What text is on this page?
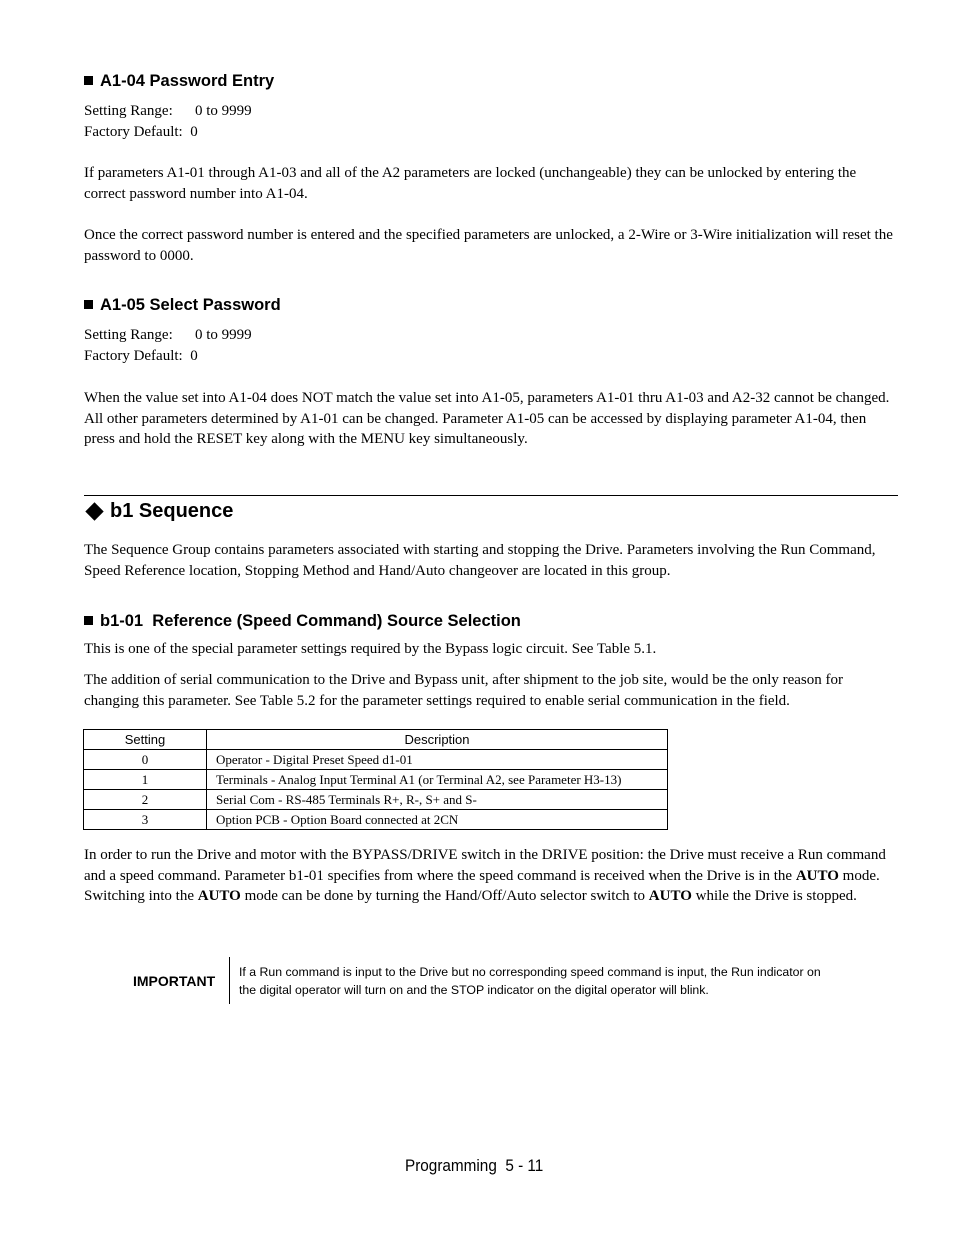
A1-04 Password Entry
Setting Range: 0 to 9999
Factory Default: 0
If parameters A1-01 through A1-03 and all of the A2 parameters are locked (unchangeable) they can be unlocked by entering the correct password number into A1-04.
Once the correct password number is entered and the specified parameters are unlocked, a 2-Wire or 3-Wire initialization will reset the password to 0000.
A1-05 Select Password
Setting Range: 0 to 9999
Factory Default: 0
When the value set into A1-04 does NOT match the value set into A1-05, parameters A1-01 thru A1-03 and A2-32 cannot be changed. All other parameters determined by A1-01 can be changed. Parameter A1-05 can be accessed by displaying parameter A1-04, then press and hold the RESET key along with the MENU key simultaneously.
b1 Sequence
The Sequence Group contains parameters associated with starting and stopping the Drive. Parameters involving the Run Command, Speed Reference location, Stopping Method and Hand/Auto changeover are located in this group.
b1-01 Reference (Speed Command) Source Selection
This is one of the special parameter settings required by the Bypass logic circuit. See Table 5.1.
The addition of serial communication to the Drive and Bypass unit, after shipment to the job site, would be the only reason for changing this parameter. See Table 5.2 for the parameter settings required to enable serial communication in the field.
Setting	Description
0	Operator - Digital Preset Speed d1-01
1	Terminals - Analog Input Terminal A1 (or Terminal A2, see Parameter H3-13)
2	Serial Com - RS-485 Terminals R+, R-, S+ and S-
3	Option PCB - Option Board connected at 2CN
In order to run the Drive and motor with the BYPASS/DRIVE switch in the DRIVE position: the Drive must receive a Run command and a speed command. Parameter b1-01 specifies from where the speed command is received when the Drive is in the AUTO mode. Switching into the AUTO mode can be done by turning the Hand/Off/Auto selector switch to AUTO while the Drive is stopped.
IMPORTANT
If a Run command is input to the Drive but no corresponding speed command is input, the Run indicator on the digital operator will turn on and the STOP indicator on the digital operator will blink.
Programming  5 - 11
